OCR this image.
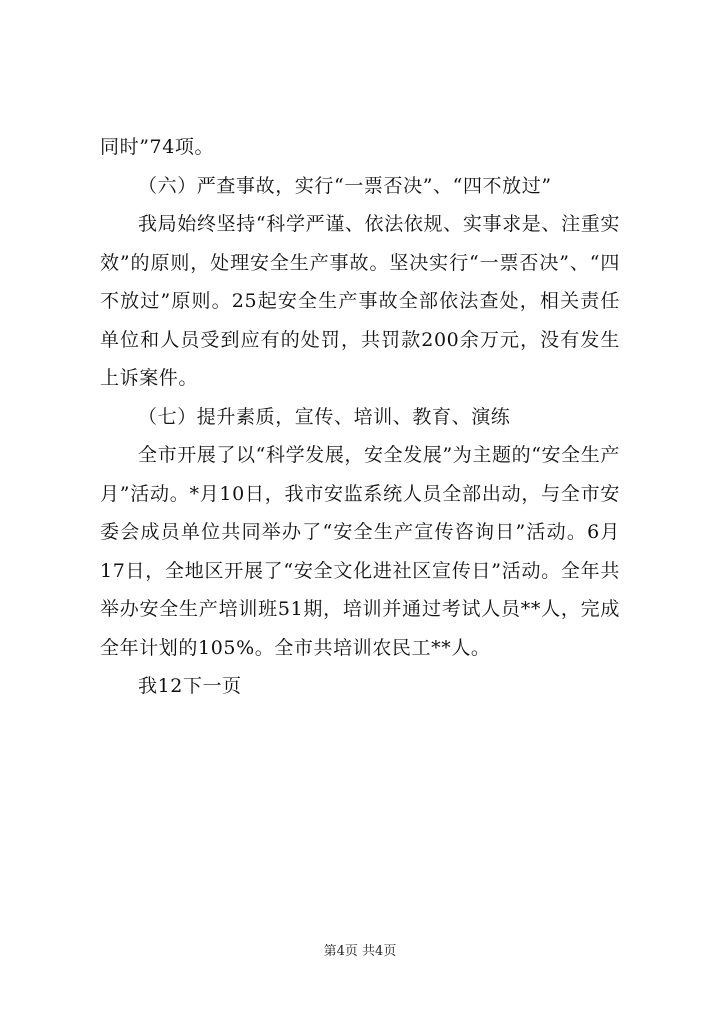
同时”74项。

（六）严查事故，实行“一票否决”、“四不放过”

我局始终坚持“科学严谨、依法依规、实事求是、注重实效”的原则，处理安全生产事故。坚决实行“一票否决”、“四不放过”原则。25起安全生产事故全部依法查处，相关责任单位和人员受到应有的处罚，共罚款200余万元，没有发生上诉案件。

（七）提升素质，宣传、培训、教育、演练

全市开展了以“科学发展，安全发展”为主题的“安全生产月”活动。*月10日，我市安监系统人员全部出动，与全市安委会成员单位共同举办了“安全生产宣传咨询日”活动。6月17日，全地区开展了“安全文化进社区宣传日”活动。全年共举办安全生产培训班51期，培训并通过考试人员**人，完成全年计划的105%。全市共培训农民工**人。

我12下一页

第4页 共4页
